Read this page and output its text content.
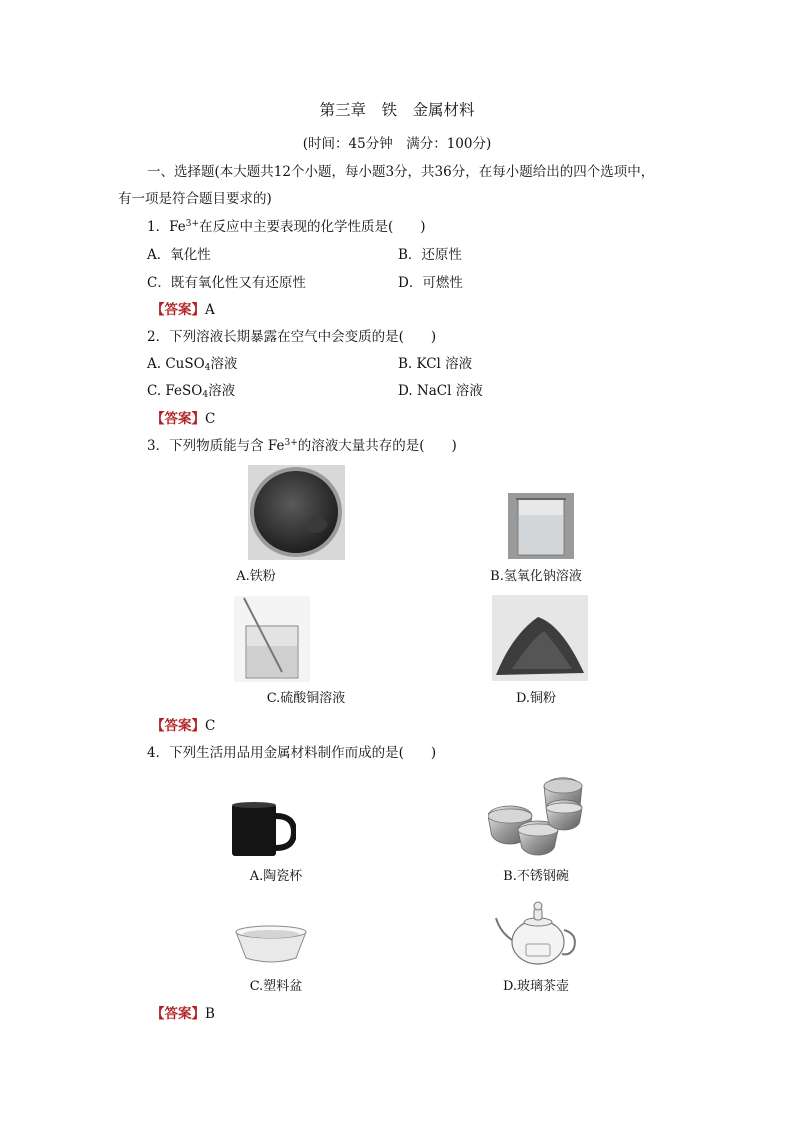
第三章　铁　金属材料
(时间：45分钟　满分：100分)
一、选择题(本大题共12个小题，每小题3分，共36分，在每小题给出的四个选项中，
有一项是符合题目要求的)
1．$Fe^{3+}$在反应中主要表现的化学性质是(　　)
A．氧化性	B．还原性
C．既有氧化性又有还原性	D．可燃性
【答案】A
2．下列溶液长期暴露在空气中会变质的是(　　)
A. CuSO$_4$溶液	B. KCl 溶液
C. FeSO$_4$溶液	D. NaCl 溶液
【答案】C
3．下列物质能与含 $Fe^{3+}$的溶液大量共存的是(　　)
A.铁粉	B.氢氧化钠溶液
C.硫酸铜溶液	D.铜粉
【答案】C
4．下列生活用品用金属材料制作而成的是(　　)
A.陶瓷杯	B.不锈钢碗
C.塑料盆	D.玻璃茶壶
【答案】B
